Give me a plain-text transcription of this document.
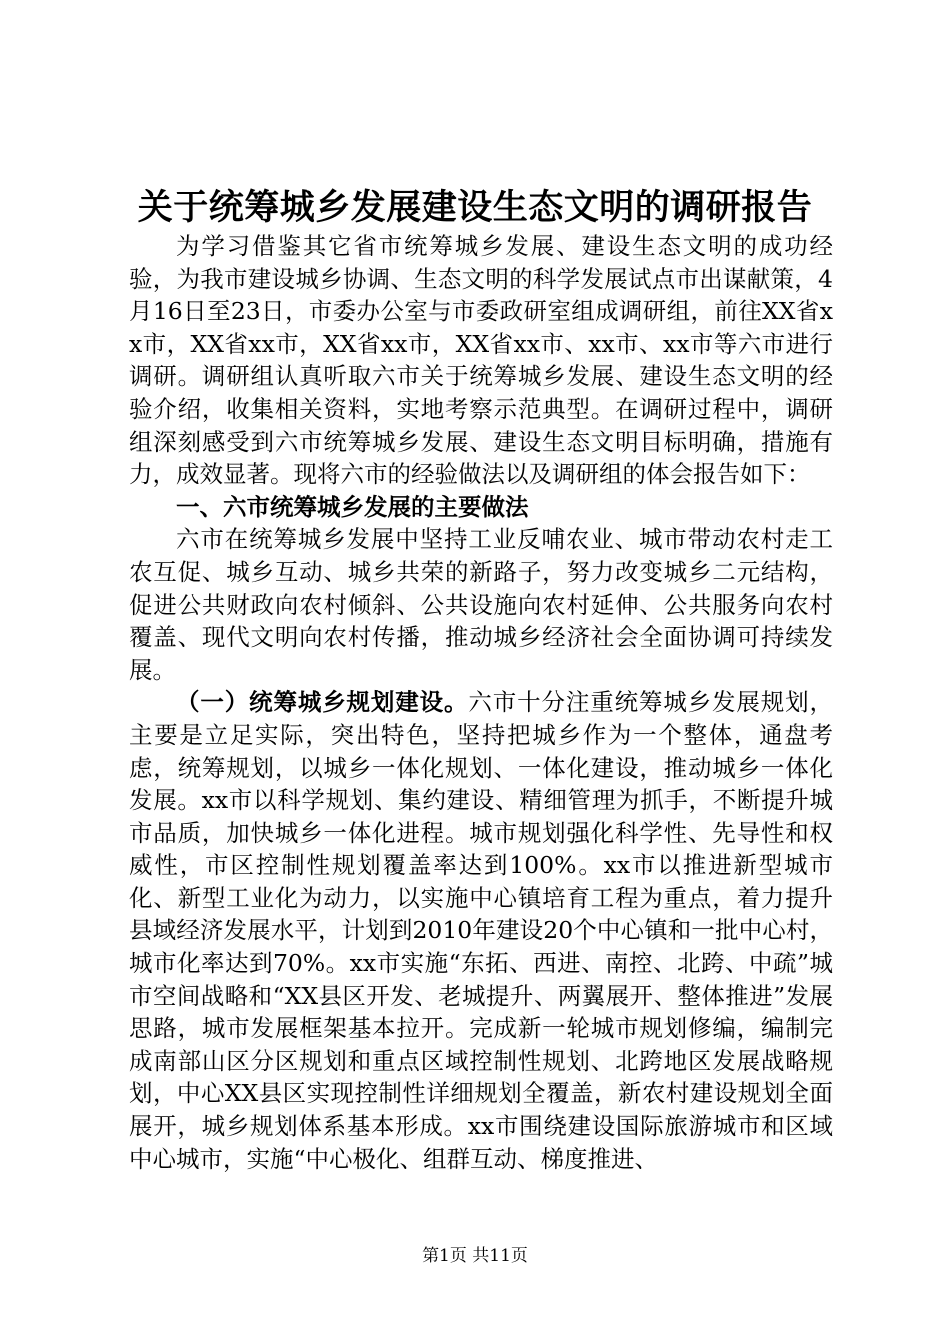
关于统筹城乡发展建设生态文明的调研报告

为学习借鉴其它省市统筹城乡发展、建设生态文明的成功经验，为我市建设城乡协调、生态文明的科学发展试点市出谋献策，4月16日至23日，市委办公室与市委政研室组成调研组，前往XX省xx市，XX省xx市，XX省xx市，XX省xx市、xx市、xx市等六市进行调研。调研组认真听取六市关于统筹城乡发展、建设生态文明的经验介绍，收集相关资料，实地考察示范典型。在调研过程中，调研组深刻感受到六市统筹城乡发展、建设生态文明目标明确，措施有力，成效显著。现将六市的经验做法以及调研组的体会报告如下：

一、六市统筹城乡发展的主要做法

六市在统筹城乡发展中坚持工业反哺农业、城市带动农村走工农互促、城乡互动、城乡共荣的新路子，努力改变城乡二元结构，促进公共财政向农村倾斜、公共设施向农村延伸、公共服务向农村覆盖、现代文明向农村传播，推动城乡经济社会全面协调可持续发展。

（一）统筹城乡规划建设。六市十分注重统筹城乡发展规划，主要是立足实际，突出特色，坚持把城乡作为一个整体，通盘考虑，统筹规划，以城乡一体化规划、一体化建设，推动城乡一体化发展。xx市以科学规划、集约建设、精细管理为抓手，不断提升城市品质，加快城乡一体化进程。城市规划强化科学性、先导性和权威性，市区控制性规划覆盖率达到100%。xx市以推进新型城市化、新型工业化为动力，以实施中心镇培育工程为重点，着力提升县域经济发展水平，计划到2010年建设20个中心镇和一批中心村，城市化率达到70%。xx市实施“东拓、西进、南控、北跨、中疏”城市空间战略和“XX县区开发、老城提升、两翼展开、整体推进”发展思路，城市发展框架基本拉开。完成新一轮城市规划修编，编制完成南部山区分区规划和重点区域控制性规划、北跨地区发展战略规划，中心XX县区实现控制性详细规划全覆盖，新农村建设规划全面展开，城乡规划体系基本形成。xx市围绕建设国际旅游城市和区域中心城市，实施“中心极化、组群互动、梯度推进、

第1页 共11页
